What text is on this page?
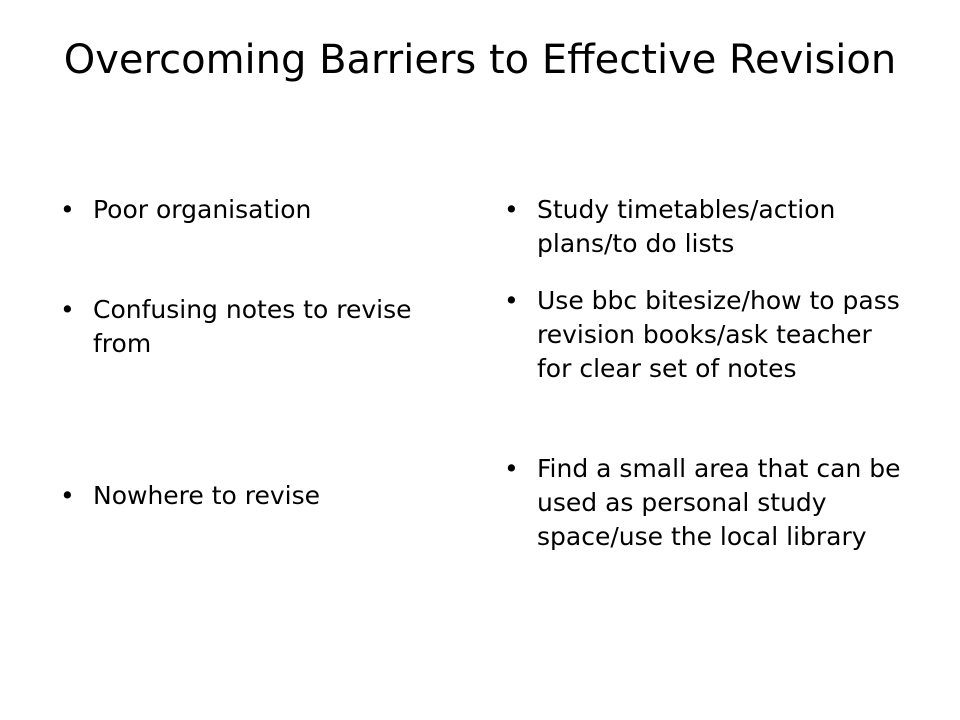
Overcoming Barriers to Effective Revision
• Poor organisation
• Confusing notes to revise from
• Nowhere to revise
• Study timetables/action plans/to do lists
• Use bbc bitesize/how to pass revision books/ask teacher for clear set of notes
• Find a small area that can be used as personal study space/use the local library
